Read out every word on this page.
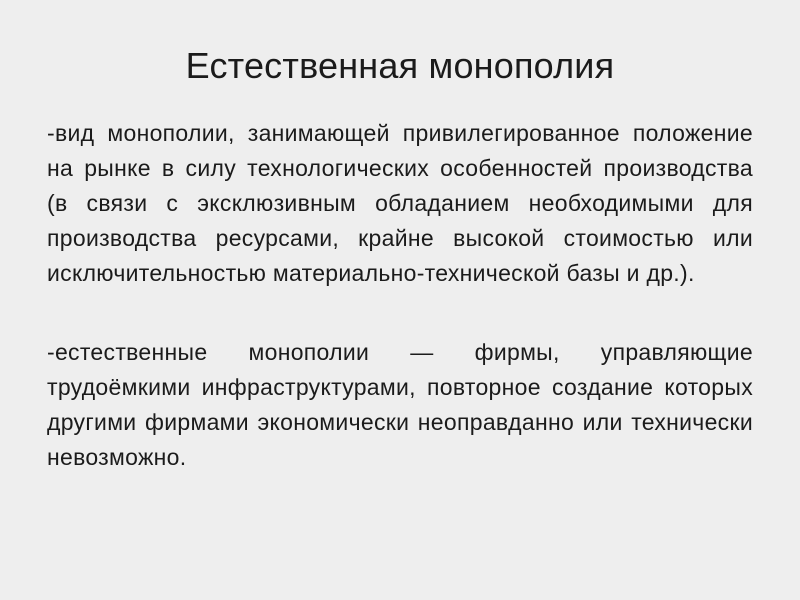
Естественная монополия

-вид монополии, занимающей привилегированное положение на рынке в силу технологических особенностей производства (в связи с эксклюзивным обладанием необходимыми для производства ресурсами, крайне высокой стоимостью или исключительностью материально-технической базы и др.).

-естественные монополии — фирмы, управляющие трудоёмкими инфраструктурами, повторное создание которых другими фирмами экономически неоправданно или технически невозможно.
